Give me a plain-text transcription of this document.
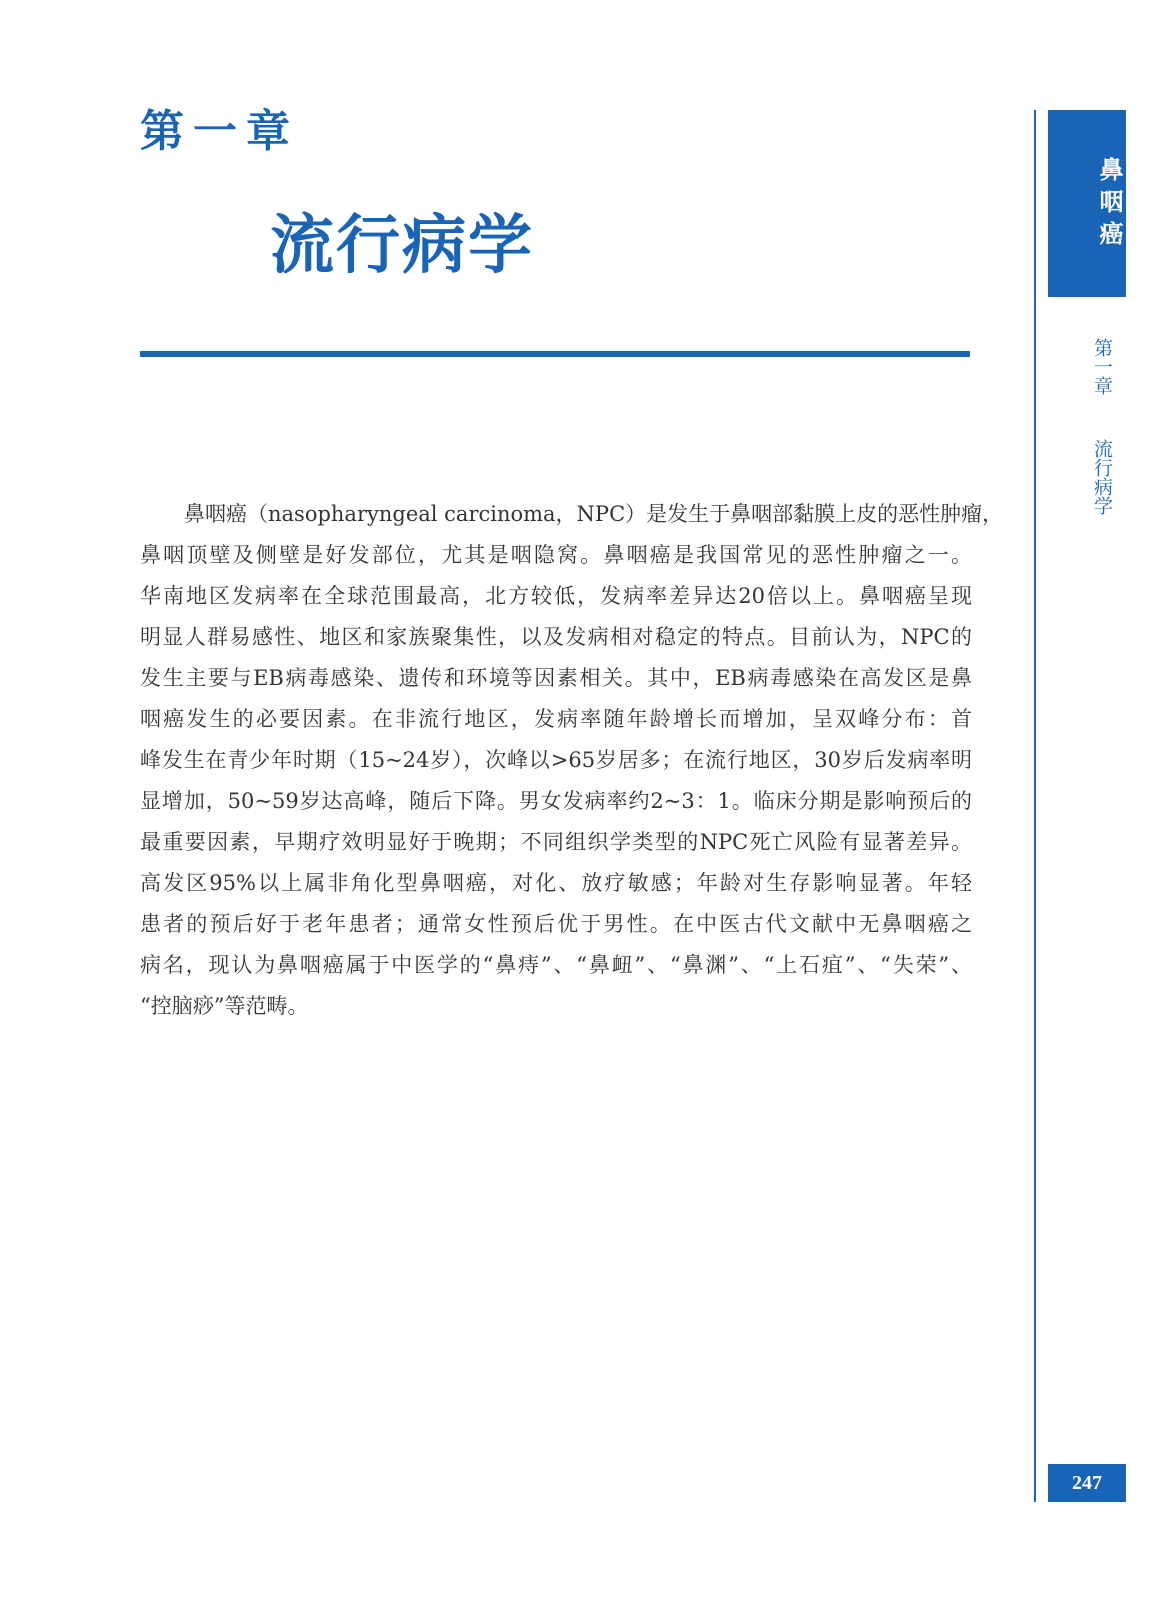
第一章
流行病学
鼻咽癌（nasopharyngeal carcinoma，NPC）是发生于鼻咽部黏膜上皮的恶性肿瘤，
鼻咽顶壁及侧壁是好发部位，尤其是咽隐窝。鼻咽癌是我国常见的恶性肿瘤之一。
华南地区发病率在全球范围最高，北方较低，发病率差异达20倍以上。鼻咽癌呈现
明显人群易感性、地区和家族聚集性，以及发病相对稳定的特点。目前认为，NPC的
发生主要与EB病毒感染、遗传和环境等因素相关。其中，EB病毒感染在高发区是鼻
咽癌发生的必要因素。在非流行地区，发病率随年龄增长而增加，呈双峰分布：首
峰发生在青少年时期（15~24岁），次峰以>65岁居多；在流行地区，30岁后发病率明
显增加，50~59岁达高峰，随后下降。男女发病率约2~3：1。临床分期是影响预后的
最重要因素，早期疗效明显好于晚期；不同组织学类型的NPC死亡风险有显著差异。
高发区95%以上属非角化型鼻咽癌，对化、放疗敏感；年龄对生存影响显著。年轻
患者的预后好于老年患者；通常女性预后优于男性。在中医古代文献中无鼻咽癌之
病名，现认为鼻咽癌属于中医学的“鼻痔”、“鼻衄”、“鼻渊”、“上石疽”、“失荣”、
“控脑痧”等范畴。
鼻咽癌
第一章  流行病学
247
